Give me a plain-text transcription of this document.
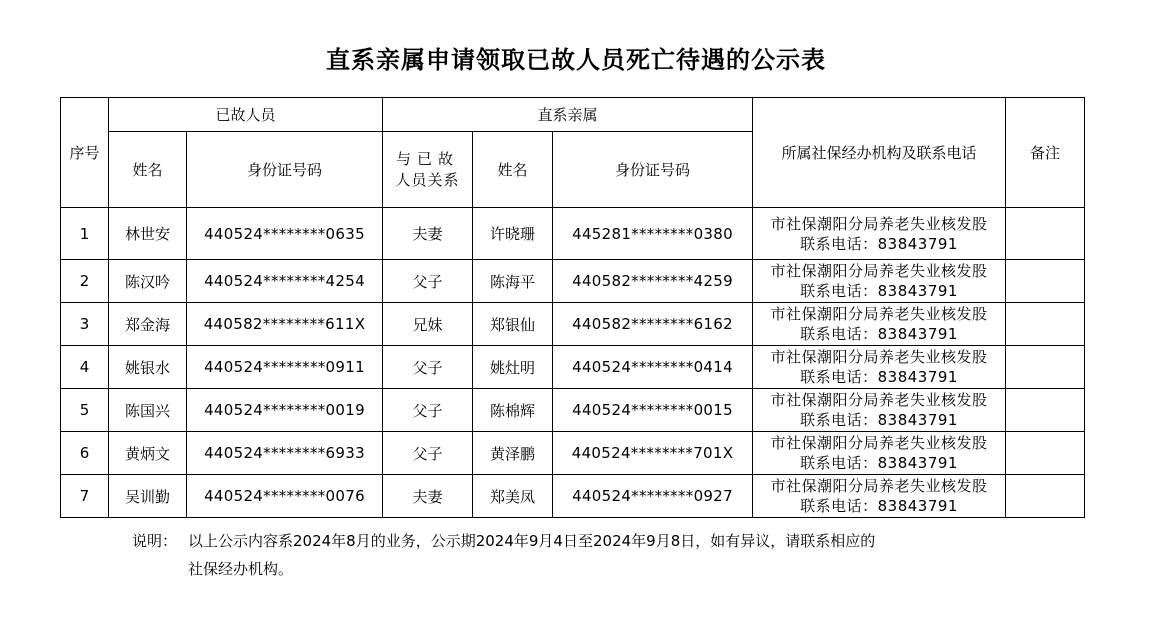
直系亲属申请领取已故人员死亡待遇的公示表
序号	已故人员		直系亲属			所属社保经办机构及联系电话	备注
	姓名	身份证号码	与已故
人员关系	姓名	身份证号码		
1	林世安	440524********0635	夫妻	许晓珊	445281********0380	市社保潮阳分局养老失业核发股
联系电话：83843791	
2	陈汉吟	440524********4254	父子	陈海平	440582********4259	市社保潮阳分局养老失业核发股
联系电话：83843791	
3	郑金海	440582********611X	兄妹	郑银仙	440582********6162	市社保潮阳分局养老失业核发股
联系电话：83843791	
4	姚银水	440524********0911	父子	姚灶明	440524********0414	市社保潮阳分局养老失业核发股
联系电话：83843791	
5	陈国兴	440524********0019	父子	陈棉辉	440524********0015	市社保潮阳分局养老失业核发股
联系电话：83843791	
6	黄炳文	440524********6933	父子	黄泽鹏	440524********701X	市社保潮阳分局养老失业核发股
联系电话：83843791	
7	吴训勤	440524********0076	夫妻	郑美凤	440524********0927	市社保潮阳分局养老失业核发股
联系电话：83843791	
说明： 以上公示内容系2024年8月的业务，公示期2024年9月4日至2024年9月8日，如有异议，请联系相应的
社保经办机构。
